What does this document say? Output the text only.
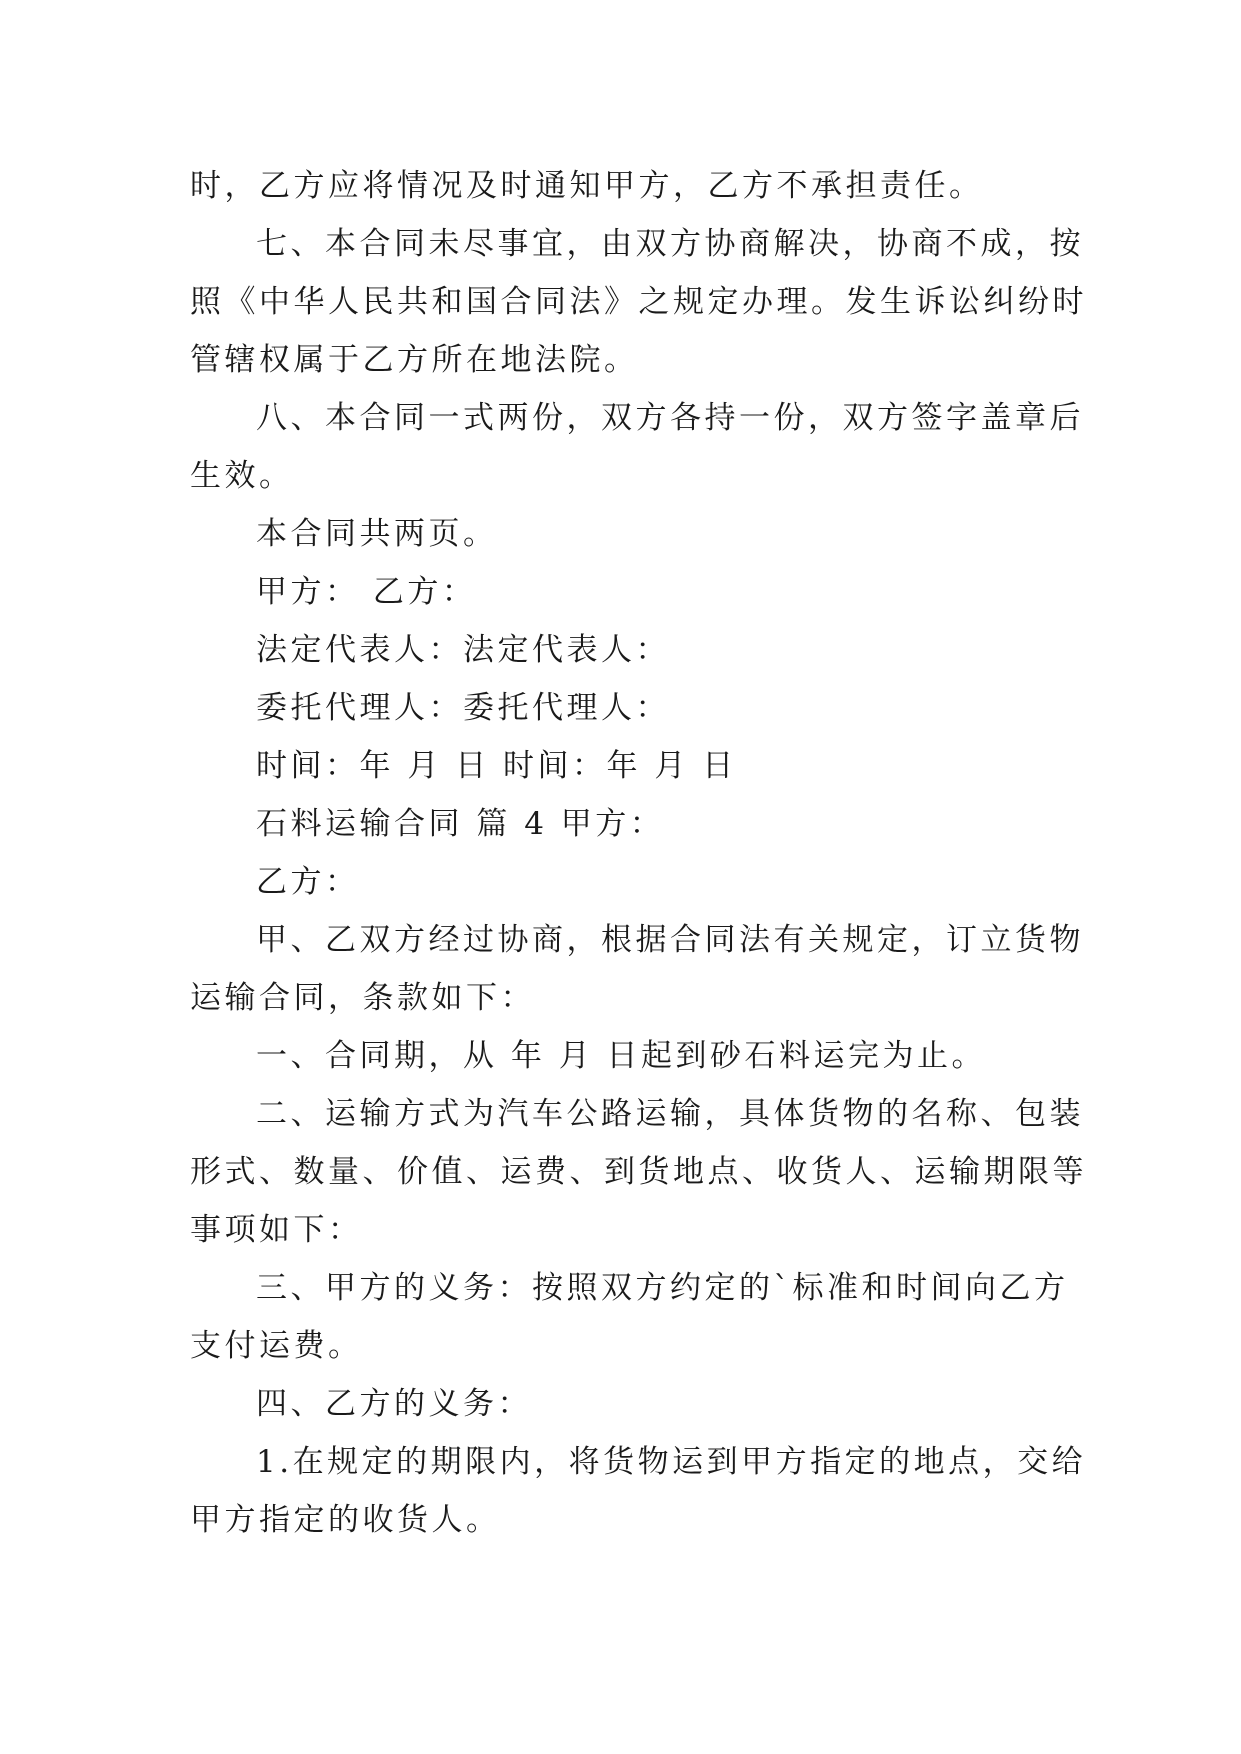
时，乙方应将情况及时通知甲方，乙方不承担责任。
七、本合同未尽事宜，由双方协商解决，协商不成，按
照《中华人民共和国合同法》之规定办理。发生诉讼纠纷时
管辖权属于乙方所在地法院。
八、本合同一式两份，双方各持一份，双方签字盖章后
生效。
本合同共两页。
甲方： 乙方：
法定代表人：法定代表人：
委托代理人：委托代理人：
时间：年 月 日 时间：年 月 日
石料运输合同 篇 4 甲方：
乙方：
甲、乙双方经过协商，根据合同法有关规定，订立货物
运输合同，条款如下：
一、合同期，从 年 月 日起到砂石料运完为止。
二、运输方式为汽车公路运输，具体货物的名称、包装
形式、数量、价值、运费、到货地点、收货人、运输期限等
事项如下：
三、甲方的义务：按照双方约定的`标准和时间向乙方
支付运费。
四、乙方的义务：
1.在规定的期限内，将货物运到甲方指定的地点，交给
甲方指定的收货人。
